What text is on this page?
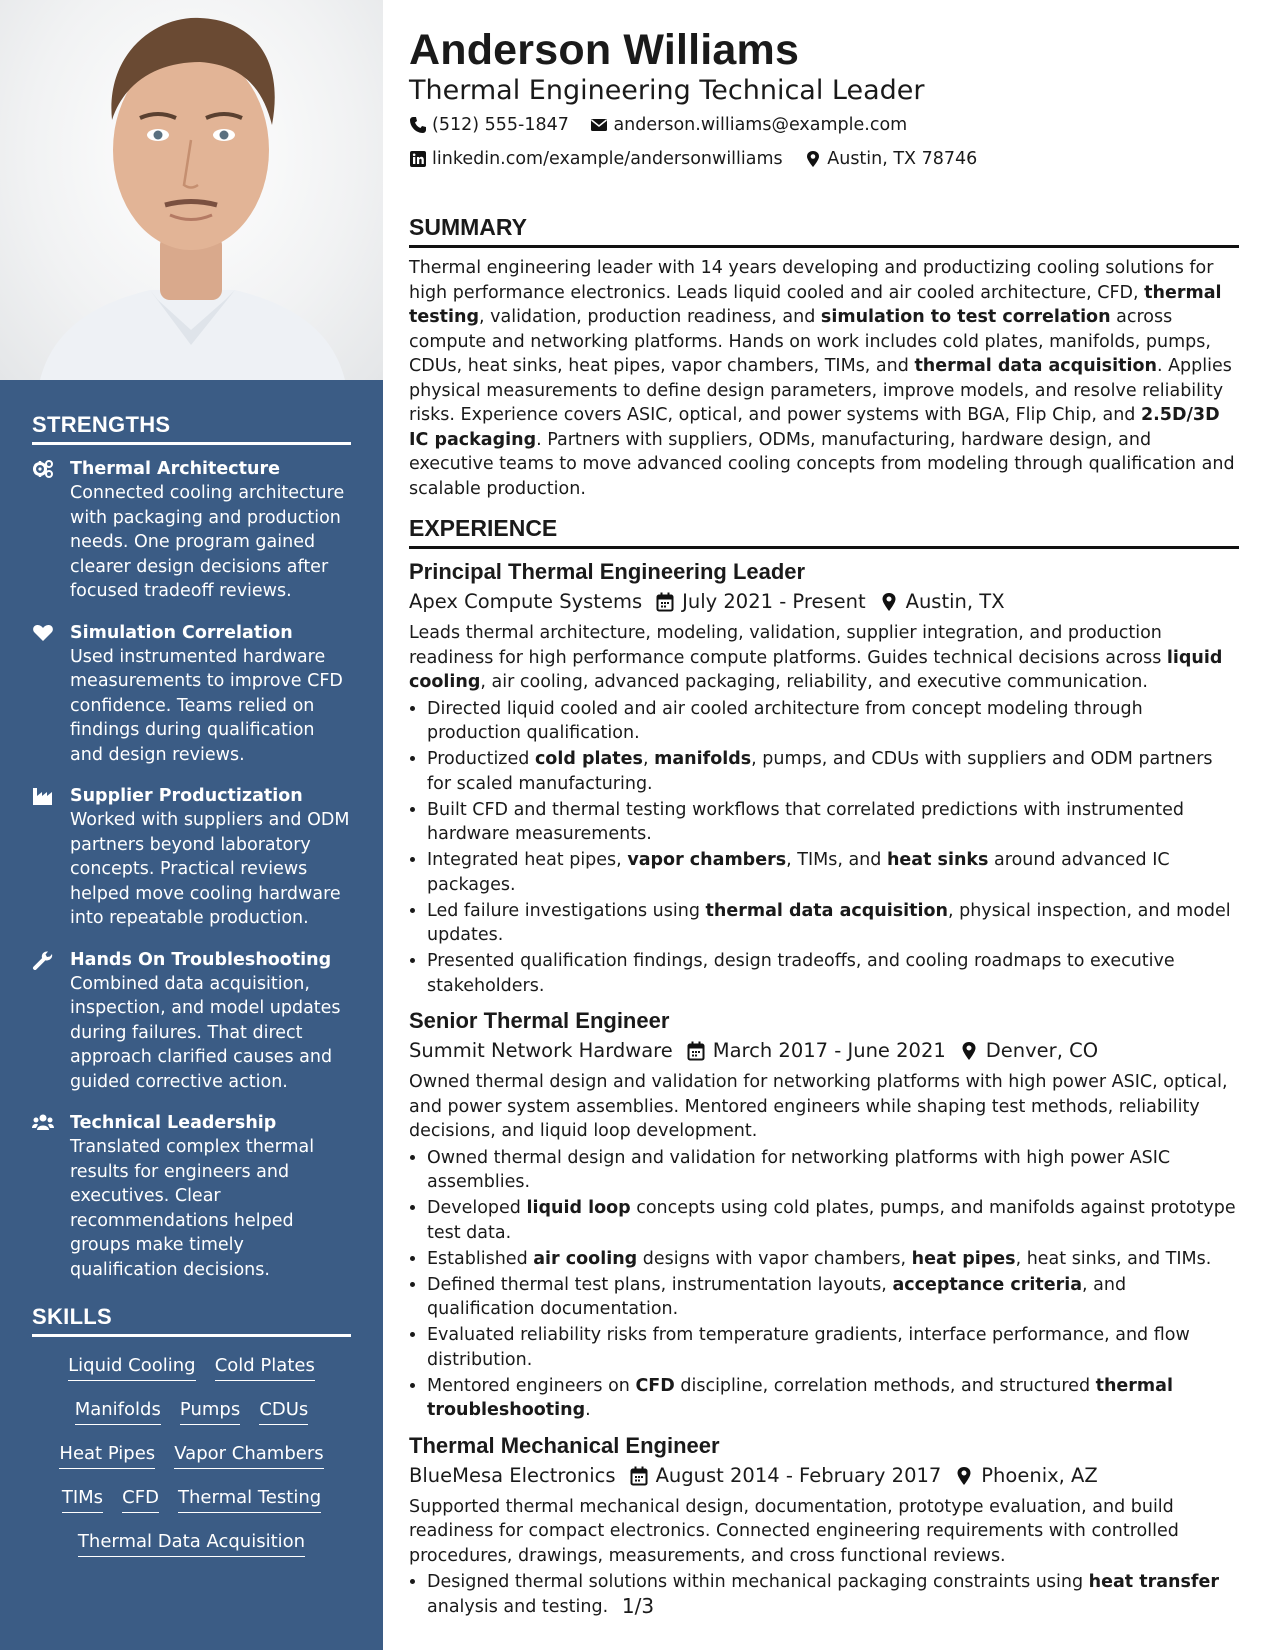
STRENGTHS
Thermal Architecture
Connected cooling architecture with packaging and production needs. One program gained clearer design decisions after focused tradeoff reviews.
Simulation Correlation
Used instrumented hardware measurements to improve CFD confidence. Teams relied on findings during qualification and design reviews.
Supplier Productization
Worked with suppliers and ODM partners beyond laboratory concepts. Practical reviews helped move cooling hardware into repeatable production.
Hands On Troubleshooting
Combined data acquisition, inspection, and model updates during failures. That direct approach clarified causes and guided corrective action.
Technical Leadership
Translated complex thermal results for engineers and executives. Clear recommendations helped groups make timely qualification decisions.
SKILLS
Liquid Cooling Cold Plates
Manifolds Pumps CDUs
Heat Pipes Vapor Chambers
TIMs CFD Thermal Testing
Thermal Data Acquisition
Anderson Williams
Thermal Engineering Technical Leader
(512) 555-1847
	anderson.williams@example.com

linkedin.com/example/andersonwilliams
	Austin, TX 78746
SUMMARY
Thermal engineering leader with 14 years developing and productizing cooling solutions for high performance electronics. Leads liquid cooled and air cooled architecture, CFD, thermal testing, validation, production readiness, and simulation to test correlation across compute and networking platforms. Hands on work includes cold plates, manifolds, pumps, CDUs, heat sinks, heat pipes, vapor chambers, TIMs, and thermal data acquisition. Applies physical measurements to define design parameters, improve models, and resolve reliability risks. Experience covers ASIC, optical, and power systems with BGA, Flip Chip, and 2.5D/3D IC packaging. Partners with suppliers, ODMs, manufacturing, hardware design, and executive teams to move advanced cooling concepts from modeling through qualification and scalable production.
EXPERIENCE
Principal Thermal Engineering Leader
Apex Compute Systems July 2021 - Present Austin, TX
Leads thermal architecture, modeling, validation, supplier integration, and production readiness for high performance compute platforms. Guides technical decisions across liquid cooling, air cooling, advanced packaging, reliability, and executive communication.
• Directed liquid cooled and air cooled architecture from concept modeling through production qualification.
• Productized cold plates, manifolds, pumps, and CDUs with suppliers and ODM partners for scaled manufacturing.
• Built CFD and thermal testing workflows that correlated predictions with instrumented hardware measurements.
• Integrated heat pipes, vapor chambers, TIMs, and heat sinks around advanced IC packages.
• Led failure investigations using thermal data acquisition, physical inspection, and model updates.
• Presented qualification findings, design tradeoffs, and cooling roadmaps to executive stakeholders.
Senior Thermal Engineer
Summit Network Hardware March 2017 - June 2021 Denver, CO
Owned thermal design and validation for networking platforms with high power ASIC, optical, and power system assemblies. Mentored engineers while shaping test methods, reliability decisions, and liquid loop development.
• Owned thermal design and validation for networking platforms with high power ASIC assemblies.
• Developed liquid loop concepts using cold plates, pumps, and manifolds against prototype test data.
• Established air cooling designs with vapor chambers, heat pipes, heat sinks, and TIMs.
• Defined thermal test plans, instrumentation layouts, acceptance criteria, and qualification documentation.
• Evaluated reliability risks from temperature gradients, interface performance, and flow distribution.
• Mentored engineers on CFD discipline, correlation methods, and structured thermal troubleshooting.
Thermal Mechanical Engineer
BlueMesa Electronics August 2014 - February 2017 Phoenix, AZ
Supported thermal mechanical design, documentation, prototype evaluation, and build readiness for compact electronics. Connected engineering requirements with controlled procedures, drawings, measurements, and cross functional reviews.
• Designed thermal solutions within mechanical packaging constraints using heat transfer analysis and testing. 1/3
